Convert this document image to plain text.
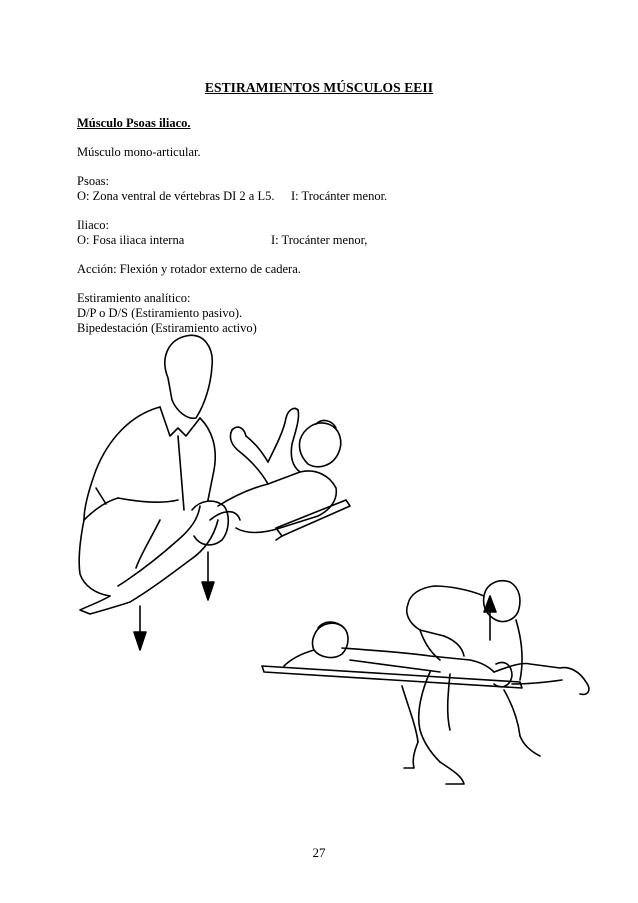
ESTIRAMIENTOS MÚSCULOS EEII
Músculo Psoas iliaco.
Músculo mono-articular.
Psoas:
O: Zona ventral de vértebras DI 2 a L5. I: Trocánter menor.
Iliaco:
O: Fosa iliaca interna	I: Trocánter menor,
Acción: Flexión y rotador externo de cadera.
Estiramiento analítico:
D/P o D/S (Estiramiento pasivo).
Bipedestación (Estiramiento activo)
27
